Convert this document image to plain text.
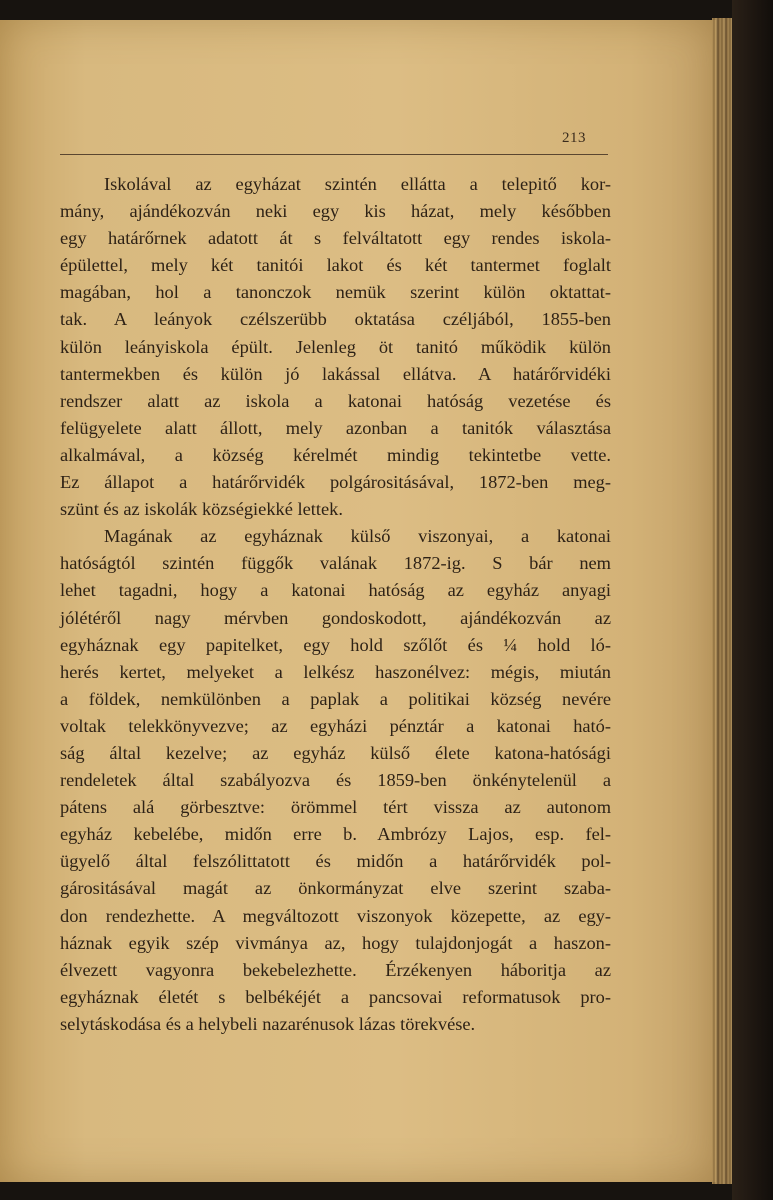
213
Iskolával az egyházat szintén ellátta a telepitő kor-
mány, ajándékozván neki egy kis házat, mely későbben
egy határőrnek adatott át s felváltatott egy rendes iskola-
épülettel, mely két tanitói lakot és két tantermet foglalt
magában, hol a tanonczok nemük szerint külön oktattat-
tak. A leányok czélszerübb oktatása czéljából, 1855-ben
külön leányiskola épült. Jelenleg öt tanitó működik külön
tantermekben és külön jó lakással ellátva. A határőrvidéki
rendszer alatt az iskola a katonai hatóság vezetése és
felügyelete alatt állott, mely azonban a tanitók választása
alkalmával, a község kérelmét mindig tekintetbe vette.
Ez állapot a határőrvidék polgárositásával, 1872-ben meg-
szünt és az iskolák községiekké lettek.
Magának az egyháznak külső viszonyai, a katonai
hatóságtól szintén függők valának 1872-ig. S bár nem
lehet tagadni, hogy a katonai hatóság az egyház anyagi
jólétéről nagy mérvben gondoskodott, ajándékozván az
egyháznak egy papitelket, egy hold szőlőt és ¼ hold ló-
herés kertet, melyeket a lelkész haszonélvez: mégis, miután
a földek, nemkülönben a paplak a politikai község nevére
voltak telekkönyvezve; az egyházi pénztár a katonai ható-
ság által kezelve; az egyház külső élete katona-hatósági
rendeletek által szabályozva és 1859-ben önkénytelenül a
pátens alá görbesztve: örömmel tért vissza az autonom
egyház kebelébe, midőn erre b. Ambrózy Lajos, esp. fel-
ügyelő által felszólittatott és midőn a határőrvidék pol-
gárositásával magát az önkormányzat elve szerint szaba-
don rendezhette. A megváltozott viszonyok közepette, az egy-
háznak egyik szép vivmánya az, hogy tulajdonjogát a haszon-
élvezett vagyonra bekebelezhette. Érzékenyen háboritja az
egyháznak életét s belbékéjét a pancsovai reformatusok pro-
selytáskodása és a helybeli nazarénusok lázas törekvése.
